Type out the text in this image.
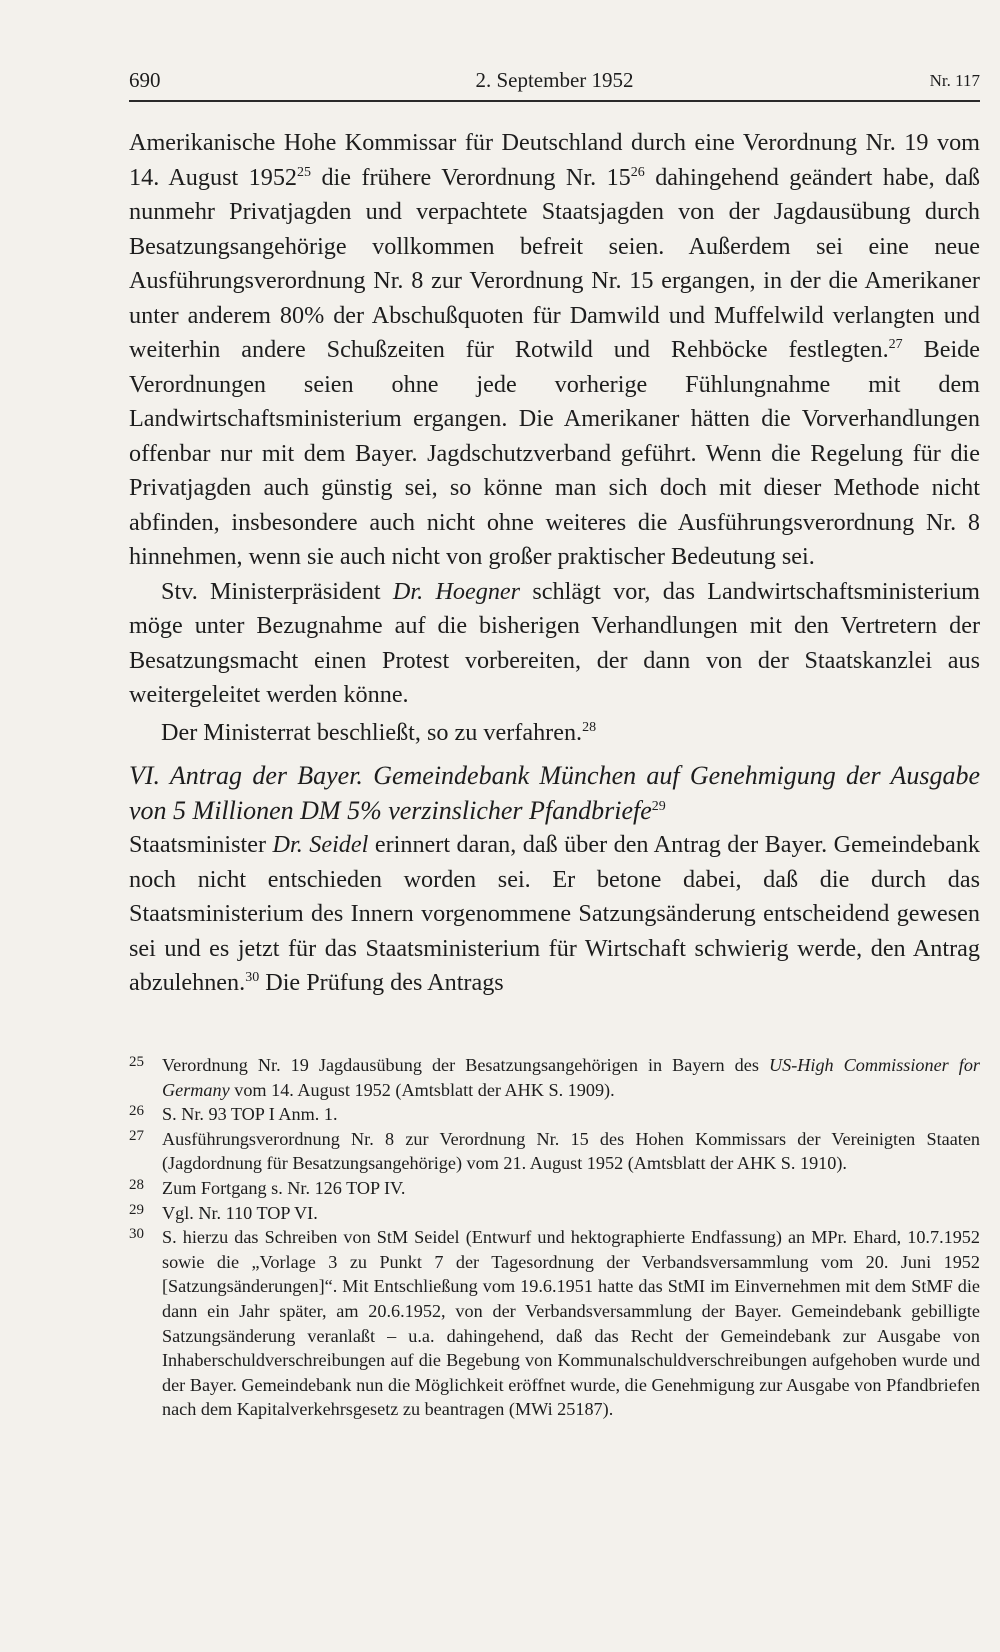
690	2. September 1952	Nr. 117

Amerikanische Hohe Kommissar für Deutschland durch eine Verordnung Nr. 19 vom 14. August 1952$^{25}$ die frühere Verordnung Nr. $15^{26}$ dahingehend geändert habe, daß nunmehr Privatjagden und verpachtete Staatsjagden von der Jagdausübung durch Besatzungsangehörige vollkommen befreit seien. Außerdem sei eine neue Ausführungsverordnung Nr. 8 zur Verordnung Nr. 15 ergangen, in der die Amerikaner unter anderem 80% der Abschußquoten für Damwild und Muffelwild verlangten und weiterhin andere Schußzeiten für Rotwild und Rehböcke festlegten.$^{27}$ Beide Verordnungen seien ohne jede vorherige Fühlungnahme mit dem Landwirtschaftsministerium ergangen. Die Amerikaner hätten die Vorverhandlungen offenbar nur mit dem Bayer. Jagdschutzverband geführt. Wenn die Regelung für die Privatjagden auch günstig sei, so könne man sich doch mit dieser Methode nicht abfinden, insbesondere auch nicht ohne weiteres die Ausführungsverordnung Nr. 8 hinnehmen, wenn sie auch nicht von großer praktischer Bedeutung sei.

Stv. Ministerpräsident Dr. Hoegner schlägt vor, das Landwirtschaftsministerium möge unter Bezugnahme auf die bisherigen Verhandlungen mit den Vertretern der Besatzungsmacht einen Protest vorbereiten, der dann von der Staatskanzlei aus weitergeleitet werden könne.

Der Ministerrat beschließt, so zu verfahren.$^{28}$

VI. Antrag der Bayer. Gemeindebank München auf Genehmigung der Ausgabe von 5 Millionen DM 5% verzinslicher Pfandbriefe$^{29}$

Staatsminister Dr. Seidel erinnert daran, daß über den Antrag der Bayer. Gemeindebank noch nicht entschieden worden sei. Er betone dabei, daß die durch das Staatsministerium des Innern vorgenommene Satzungsänderung entscheidend gewesen sei und es jetzt für das Staatsministerium für Wirtschaft schwierig werde, den Antrag abzulehnen.$^{30}$ Die Prüfung des Antrags

25 Verordnung Nr. 19 Jagdausübung der Besatzungsangehörigen in Bayern des US-High Commissioner for Germany vom 14. August 1952 (Amtsblatt der AHK S. 1909).

26 S. Nr. 93 TOP I Anm. 1.

27 Ausführungsverordnung Nr. 8 zur Verordnung Nr. 15 des Hohen Kommissars der Vereinigten Staaten (Jagdordnung für Besatzungsangehörige) vom 21. August 1952 (Amtsblatt der AHK S. 1910).

28 Zum Fortgang s. Nr. 126 TOP IV.

29 Vgl. Nr. 110 TOP VI.

30 S. hierzu das Schreiben von StM Seidel (Entwurf und hektographierte Endfassung) an MPr. Ehard, 10.7.1952 sowie die „Vorlage 3 zu Punkt 7 der Tagesordnung der Verbandsversammlung vom 20. Juni 1952 [Satzungsänderungen]“. Mit Entschließung vom 19.6.1951 hatte das StMI im Einvernehmen mit dem StMF die dann ein Jahr später, am 20.6.1952, von der Verbandsversammlung der Bayer. Gemeindebank gebilligte Satzungsänderung veranlaßt – u.a. dahingehend, daß das Recht der Gemeindebank zur Ausgabe von Inhaberschuldverschreibungen auf die Begebung von Kommunalschuldverschreibungen aufgehoben wurde und der Bayer. Gemeindebank nun die Möglichkeit eröffnet wurde, die Genehmigung zur Ausgabe von Pfandbriefen nach dem Kapitalverkehrsgesetz zu beantragen (MWi 25187).
